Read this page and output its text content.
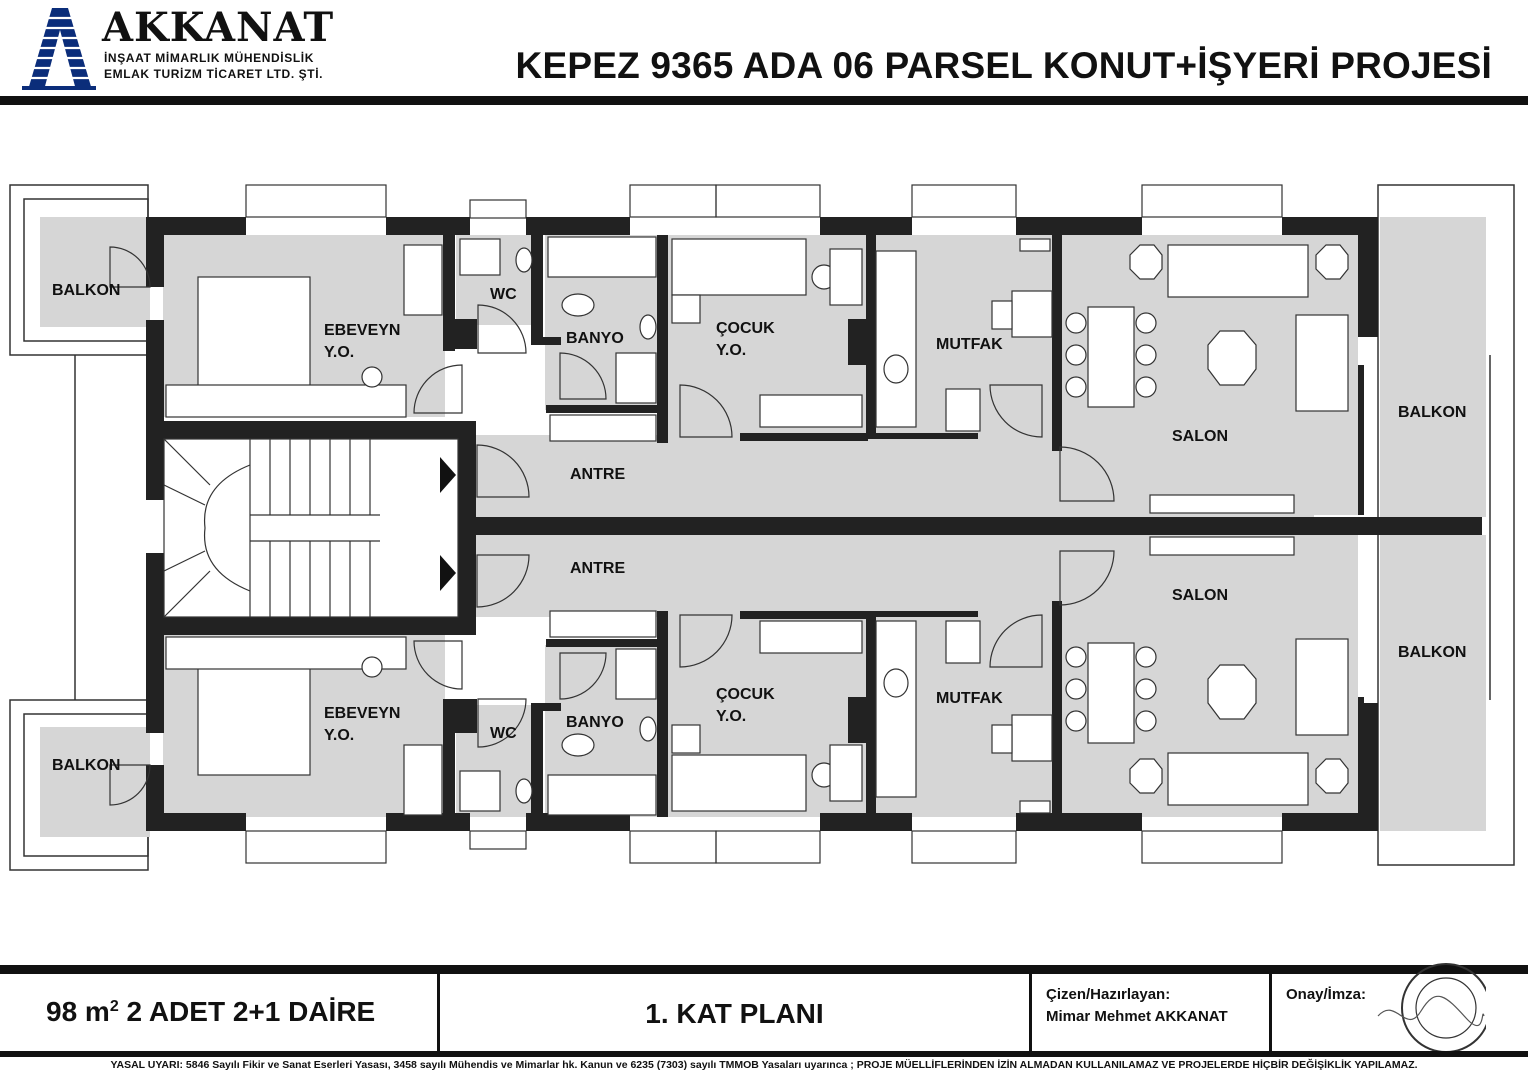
AKKANAT
İNŞAAT MİMARLIK MÜHENDİSLİK
EMLAK TURİZM TİCARET LTD. ŞTİ.	KEPEZ 9365 ADA 06 PARSEL KONUT+İŞYERİ PROJESİ
BALKON
EBEVEYN
Y.O.
WC
BANYO
ÇOCUK
Y.O.	MUTFAK
SALON
BALKON
ANTRE
ANTRE
SALON
BALKON
EBEVEYN
Y.O.	WC
BANYO
ÇOCUK
Y.O.
MUTFAK
BALKON
98 $m^2$ 2 ADET 2+1 DAİRE	1. KAT PLANI
Çizen/Hazırlayan:
Mimar Mehmet AKKANAT
Onay/İmza:
YASAL UYARI: 5846 Sayılı Fikir ve Sanat Eserleri Yasası, 3458 sayılı Mühendis ve Mimarlar hk. Kanun ve 6235 (7303) sayılı TMMOB Yasaları uyarınca ; PROJE MÜELLİFLERİNDEN İZİN ALMADAN KULLANILAMAZ VE PROJELERDE HİÇBİR DEĞİŞİKLİK YAPILAMAZ.
